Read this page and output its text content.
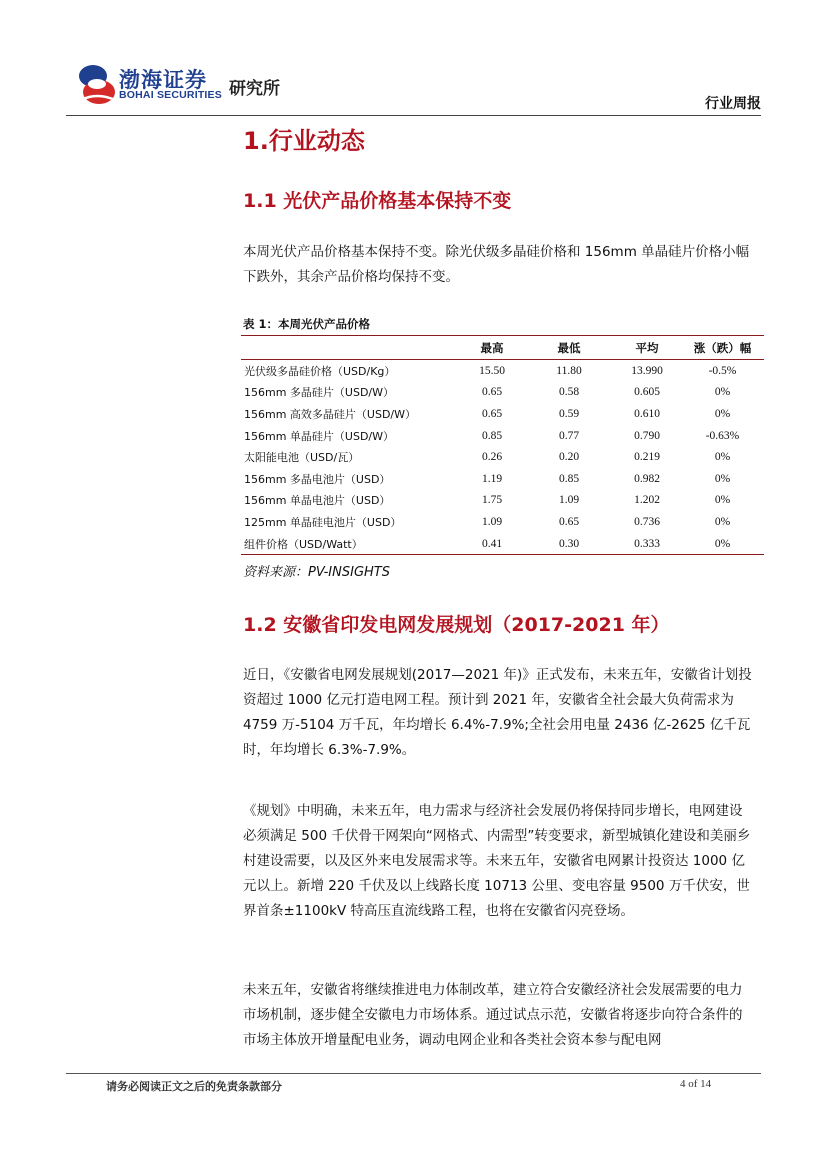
渤海证券
BOHAI SECURITIES 研究所
行业周报
1.行业动态
1.1 光伏产品价格基本保持不变

本周光伏产品价格基本保持不变。除光伏级多晶硅价格和 156mm 单晶硅片价格小幅下跌外，其余产品价格均保持不变。

表 1：本周光伏产品价格
	最高	最低	平均	涨（跌）幅
光伏级多晶硅价格（USD/Kg）	15.50	11.80	13.990	-0.5%
156mm 多晶硅片（USD/W）	0.65	0.58	0.605	0%
156mm 高效多晶硅片（USD/W）	0.65	0.59	0.610	0%
156mm 单晶硅片（USD/W）	0.85	0.77	0.790	-0.63%
太阳能电池（USD/瓦）	0.26	0.20	0.219	0%
156mm 多晶电池片（USD）	1.19	0.85	0.982	0%
156mm 单晶电池片（USD）	1.75	1.09	1.202	0%
125mm 单晶硅电池片（USD）	1.09	0.65	0.736	0%
组件价格（USD/Watt）	0.41	0.30	0.333	0%
资料来源：PV-INSIGHTS
1.2 安徽省印发电网发展规划（2017-2021 年）

近日，《安徽省电网发展规划(2017—2021 年)》正式发布，未来五年，安徽省计划投资超过 1000 亿元打造电网工程。预计到 2021 年，安徽省全社会最大负荷需求为 4759 万-5104 万千瓦，年均增长 6.4%-7.9%;全社会用电量 2436 亿-2625 亿千瓦时，年均增长 6.3%-7.9%。

《规划》中明确，未来五年，电力需求与经济社会发展仍将保持同步增长，电网建设必须满足 500 千伏骨干网架向“网格式、内需型”转变要求，新型城镇化建设和美丽乡村建设需要，以及区外来电发展需求等。未来五年，安徽省电网累计投资达 1000 亿元以上。新增 220 千伏及以上线路长度 10713 公里、变电容量 9500 万千伏安，世界首条±1100kV 特高压直流线路工程，也将在安徽省闪亮登场。

未来五年，安徽省将继续推进电力体制改革，建立符合安徽经济社会发展需要的电力市场机制，逐步健全安徽电力市场体系。通过试点示范，安徽省将逐步向符合条件的市场主体放开增量配电业务，调动电网企业和各类社会资本参与配电网

请务必阅读正文之后的免责条款部分	4 of 14
